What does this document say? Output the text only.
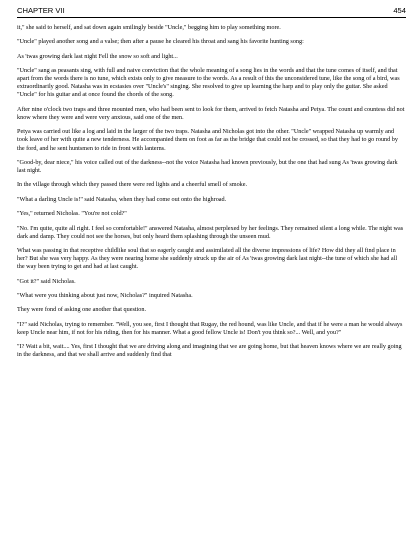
CHAPTER VII	454

it," she said to herself, and sat down again smilingly beside "Uncle," begging him to play something more.

"Uncle" played another song and a valse; then after a pause he cleared his throat and sang his favorite hunting song:

As 'twas growing dark last night Fell the snow so soft and light...

"Uncle" sang as peasants sing, with full and naive conviction that the whole meaning of a song lies in the words and that the tune comes of itself, and that apart from the words there is no tune, which exists only to give measure to the words. As a result of this the unconsidered tune, like the song of a bird, was extraordinarily good. Natasha was in ecstasies over "Uncle's" singing. She resolved to give up learning the harp and to play only the guitar. She asked "Uncle" for his guitar and at once found the chords of the song.

After nine o'clock two traps and three mounted men, who had been sent to look for them, arrived to fetch Natasha and Petya. The count and countess did not know where they were and were very anxious, said one of the men.

Petya was carried out like a log and laid in the larger of the two traps. Natasha and Nicholas got into the other. "Uncle" wrapped Natasha up warmly and took leave of her with quite a new tenderness. He accompanied them on foot as far as the bridge that could not be crossed, so that they had to go round by the ford, and he sent huntsmen to ride in front with lanterns.

"Good-by, dear niece," his voice called out of the darkness--not the voice Natasha had known previously, but the one that had sung As 'twas growing dark last night.

In the village through which they passed there were red lights and a cheerful smell of smoke.

"What a darling Uncle is!" said Natasha, when they had come out onto the highroad.

"Yes," returned Nicholas. "You're not cold?"

"No. I'm quite, quite all right. I feel so comfortable!" answered Natasha, almost perplexed by her feelings. They remained silent a long while. The night was dark and damp. They could not see the horses, but only heard them splashing through the unseen mud.

What was passing in that receptive childlike soul that so eagerly caught and assimilated all the diverse impressions of life? How did they all find place in her? But she was very happy. As they were nearing home she suddenly struck up the air of As 'twas growing dark last night--the tune of which she had all the way been trying to get and had at last caught.

"Got it?" said Nicholas.

"What were you thinking about just now, Nicholas?" inquired Natasha.

They were fond of asking one another that question.

"I?" said Nicholas, trying to remember. "Well, you see, first I thought that Rugay, the red hound, was like Uncle, and that if he were a man he would always keep Uncle near him, if not for his riding, then for his manner. What a good fellow Uncle is! Don't you think so?... Well, and you?"

"I? Wait a bit, wait.... Yes, first I thought that we are driving along and imagining that we are going home, but that heaven knows where we are really going in the darkness, and that we shall arrive and suddenly find that
